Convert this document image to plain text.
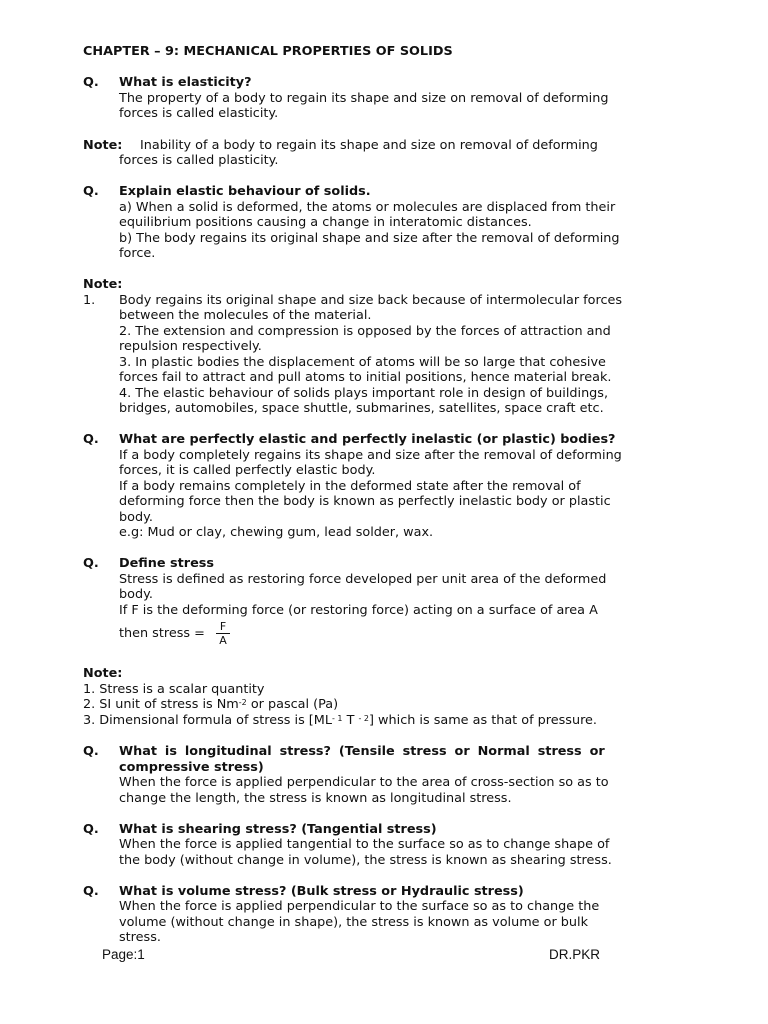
CHAPTER – 9: MECHANICAL PROPERTIES OF SOLIDS
Q. What is elasticity?
The property of a body to regain its shape and size on removal of deforming
forces is called elasticity.
Note: Inability of a body to regain its shape and size on removal of deforming
forces is called plasticity.
Q. Explain elastic behaviour of solids.
a) When a solid is deformed, the atoms or molecules are displaced from their
equilibrium positions causing a change in interatomic distances.
b) The body regains its original shape and size after the removal of deforming
force.
Note:
1. Body regains its original shape and size back because of intermolecular forces
between the molecules of the material.
2. The extension and compression is opposed by the forces of attraction and
repulsion respectively.
3. In plastic bodies the displacement of atoms will be so large that cohesive
forces fail to attract and pull atoms to initial positions, hence material break.
4. The elastic behaviour of solids plays important role in design of buildings,
bridges, automobiles, space shuttle, submarines, satellites, space craft etc.
Q. What are perfectly elastic and perfectly inelastic (or plastic) bodies?
If a body completely regains its shape and size after the removal of deforming
forces, it is called perfectly elastic body.
If a body remains completely in the deformed state after the removal of
deforming force then the body is known as perfectly inelastic body or plastic
body.
e.g: Mud or clay, chewing gum, lead solder, wax.
Q. Define stress
Stress is defined as restoring force developed per unit area of the deformed
body.
If F is the deforming force (or restoring force) acting on a surface of area A
then stress = $\frac{F}{A}$
Note:
1. Stress is a scalar quantity
2. SI unit of stress is $Nm^{-2}$ or pascal (Pa)
3. Dimensional formula of stress is [$ML^{- 1}$ T $^{- 2}$] which is same as that of pressure.
Q. What is longitudinal stress? (Tensile stress or Normal stress or
compressive stress)
When the force is applied perpendicular to the area of cross-section so as to
change the length, the stress is known as longitudinal stress.
Q. What is shearing stress? (Tangential stress)
When the force is applied tangential to the surface so as to change shape of
the body (without change in volume), the stress is known as shearing stress.
Q. What is volume stress? (Bulk stress or Hydraulic stress)
When the force is applied perpendicular to the surface so as to change the
volume (without change in shape), the stress is known as volume or bulk
stress.
Page:1	DR.PKR
